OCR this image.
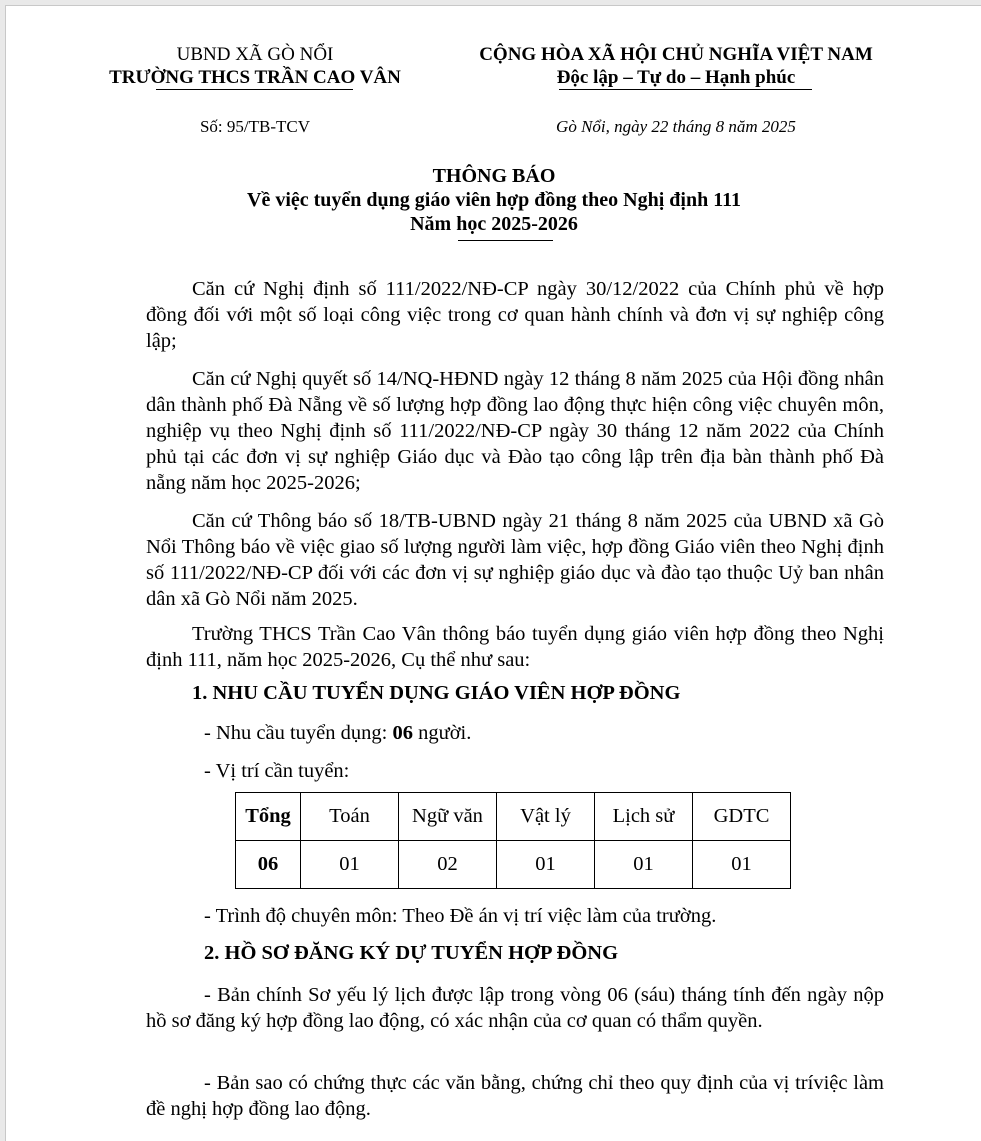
UBND XÃ GÒ NỔI
TRƯỜNG THCS TRẦN CAO VÂN
CỘNG HÒA XÃ HỘI CHỦ NGHĨA VIỆT NAM
Độc lập – Tự do – Hạnh phúc
Số: 95/TB-TCV	Gò Nổi, ngày 22 tháng 8 năm 2025
THÔNG BÁO
Về việc tuyển dụng giáo viên hợp đồng theo Nghị định 111
Năm học 2025-2026
Căn cứ Nghị định số 111/2022/NĐ-CP ngày 30/12/2022 của Chính phủ về hợp đồng đối với một số loại công việc trong cơ quan hành chính và đơn vị sự nghiệp công lập;
Căn cứ Nghị quyết số 14/NQ-HĐND ngày 12 tháng 8 năm 2025 của Hội đồng nhân dân thành phố Đà Nẵng về số lượng hợp đồng lao động thực hiện công việc chuyên môn, nghiệp vụ theo Nghị định số 111/2022/NĐ-CP ngày 30 tháng 12 năm 2022 của Chính phủ tại các đơn vị sự nghiệp Giáo dục và Đào tạo công lập trên địa bàn thành phố Đà nẵng năm học 2025-2026;
Căn cứ Thông báo số 18/TB-UBND ngày 21 tháng 8 năm 2025 của UBND xã Gò Nổi Thông báo về việc giao số lượng người làm việc, hợp đồng Giáo viên theo Nghị định số 111/2022/NĐ-CP đối với các đơn vị sự nghiệp giáo dục và đào tạo thuộc Uỷ ban nhân dân xã Gò Nổi năm 2025.
Trường THCS Trần Cao Vân thông báo tuyển dụng giáo viên hợp đồng theo Nghị định 111, năm học 2025-2026, Cụ thể như sau:
1. NHU CẦU TUYỂN DỤNG GIÁO VIÊN HỢP ĐỒNG
- Nhu cầu tuyển dụng: 06 người.
- Vị trí cần tuyển:
Tổng	Toán	Ngữ văn	Vật lý	Lịch sử	GDTC
06	01	02	01	01	01
- Trình độ chuyên môn: Theo Đề án vị trí việc làm của trường.
2. HỒ SƠ ĐĂNG KÝ DỰ TUYỂN HỢP ĐỒNG
- Bản chính Sơ yếu lý lịch được lập trong vòng 06 (sáu) tháng tính đến ngày nộp hồ sơ đăng ký hợp đồng lao động, có xác nhận của cơ quan có thẩm quyền.
- Bản sao có chứng thực các văn bằng, chứng chỉ theo quy định của vị tríviệc làm đề nghị hợp đồng lao động.
